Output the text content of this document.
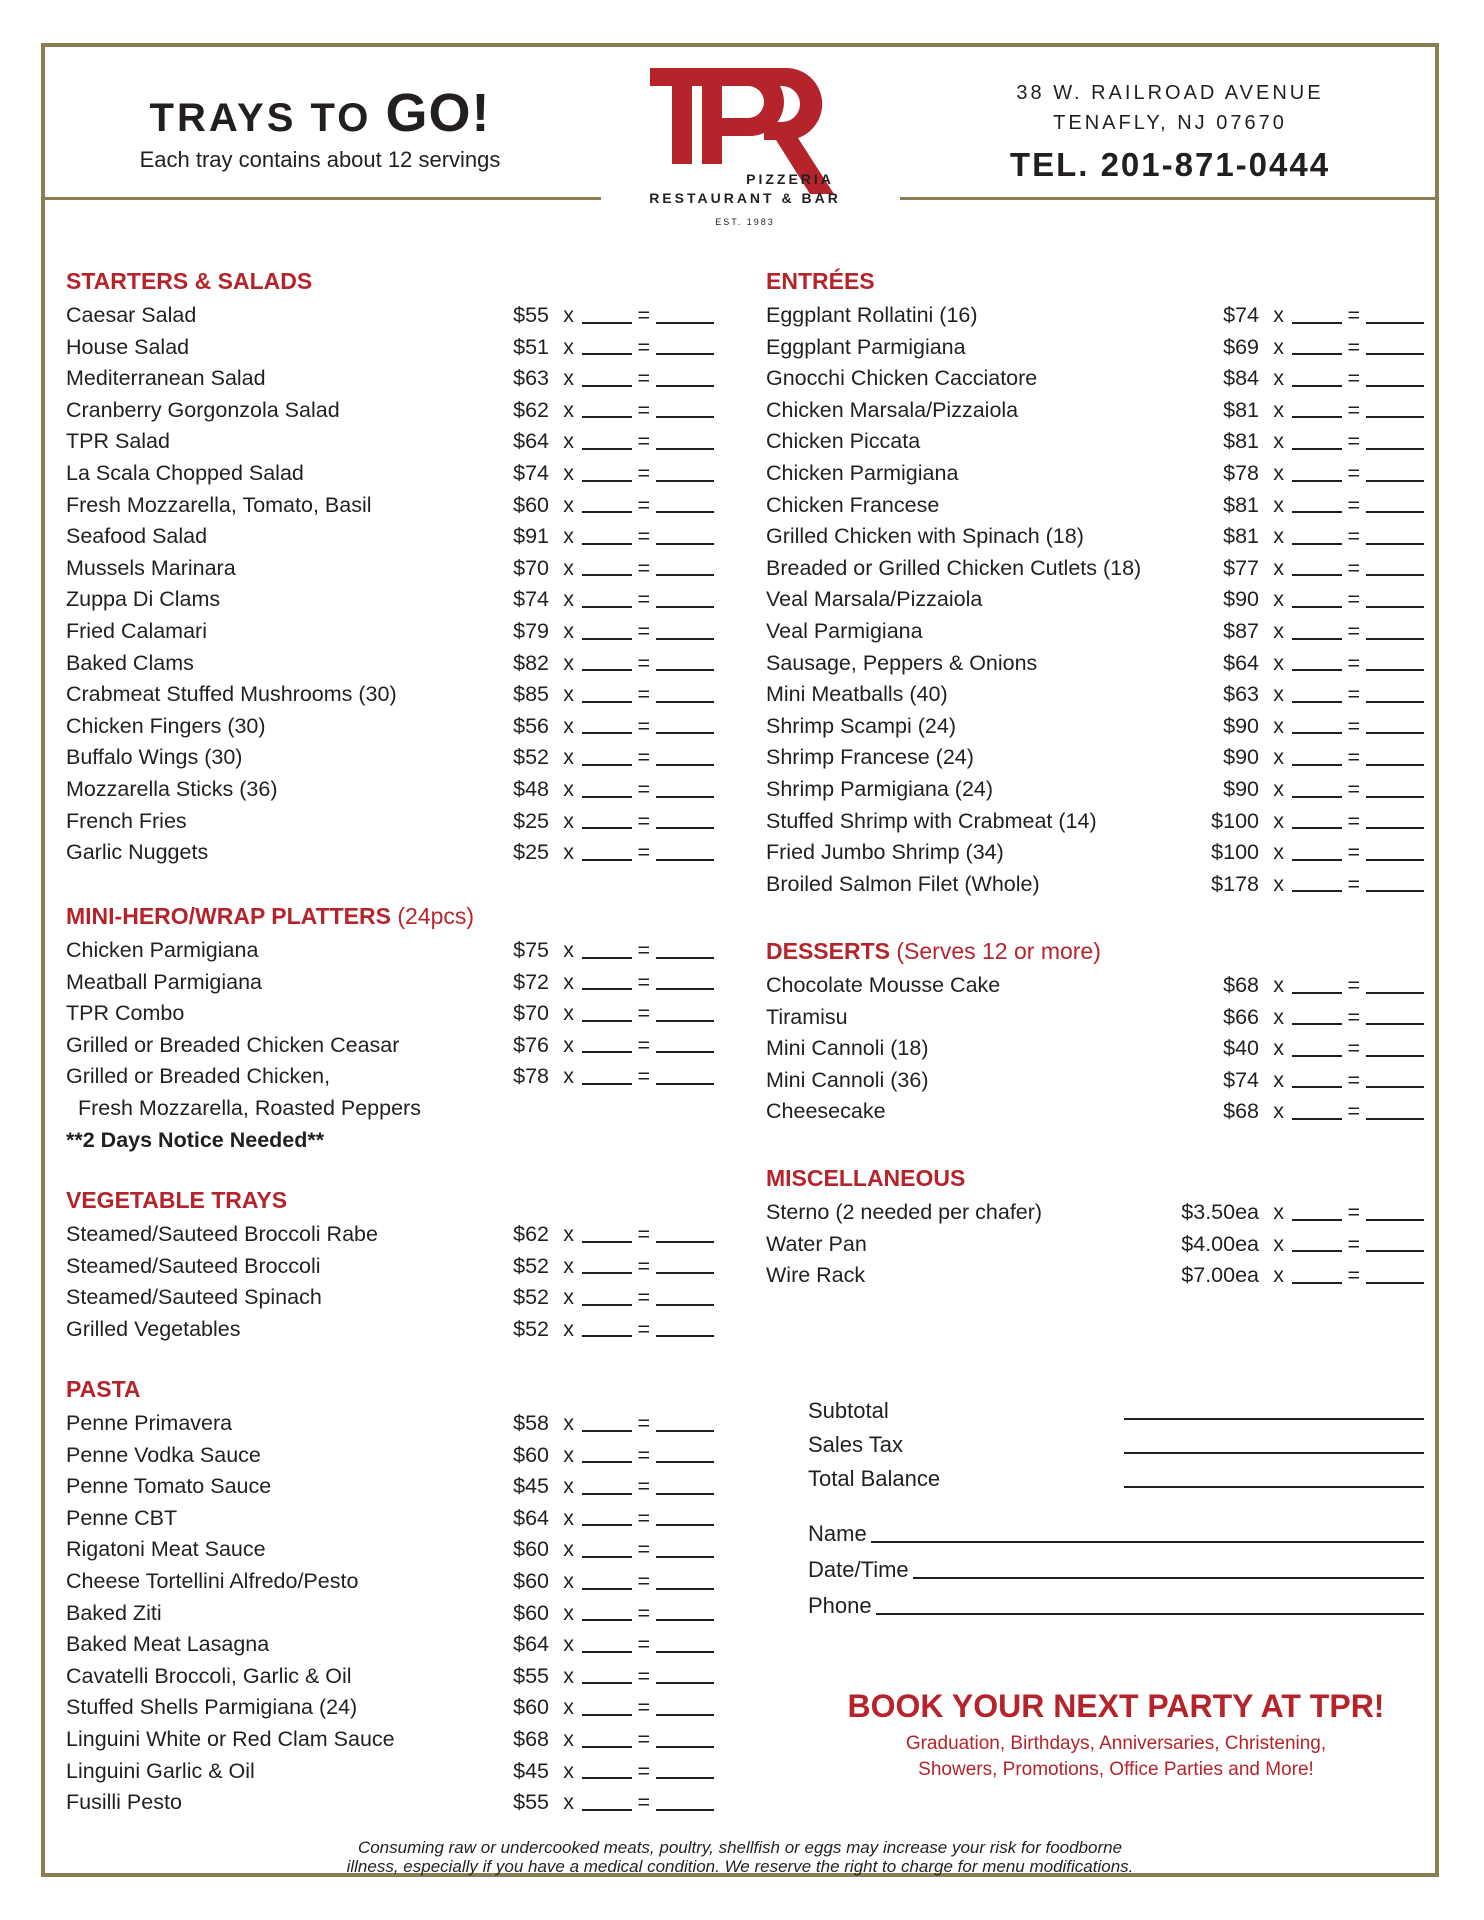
TRAYS TO GO!
Each tray contains about 12 servings
PIZZERIA
RESTAURANT & BAR
EST. 1983
38 W. RAILROAD AVENUE
TENAFLY, NJ 07670
TEL. 201-871-0444
STARTERS & SALADS
Caesar Salad	$55 x	=
House Salad	$51 x	=
Mediterranean Salad	$63 x	=
Cranberry Gorgonzola Salad	$62 x	=
TPR Salad	$64 x	=
La Scala Chopped Salad	$74 x	=
Fresh Mozzarella, Tomato, Basil	$60 x	=
Seafood Salad	$91 x	=
Mussels Marinara	$70 x	=
Zuppa Di Clams	$74 x	=
Fried Calamari	$79 x	=
Baked Clams	$82 x	=
Crabmeat Stuffed Mushrooms (30)	$85 x	=
Chicken Fingers (30)	$56 x	=
Buffalo Wings (30)	$52 x	=
Mozzarella Sticks (36)	$48 x	=
French Fries	$25 x	=
Garlic Nuggets	$25 x	=
MINI-HERO/WRAP PLATTERS (24pcs)
Chicken Parmigiana	$75 x	=
Meatball Parmigiana	$72 x	=
TPR Combo	$70 x	=
Grilled or Breaded Chicken Ceasar	$76 x	=
Grilled or Breaded Chicken,	$78 x	=
Fresh Mozzarella, Roasted Peppers
**2 Days Notice Needed**
VEGETABLE TRAYS
Steamed/Sauteed Broccoli Rabe	$62 x	=
Steamed/Sauteed Broccoli	$52 x	=
Steamed/Sauteed Spinach	$52 x	=
Grilled Vegetables	$52 x	=
PASTA
Penne Primavera	$58 x	=
Penne Vodka Sauce	$60 x	=
Penne Tomato Sauce	$45 x	=
Penne CBT	$64 x	=
Rigatoni Meat Sauce	$60 x	=
Cheese Tortellini Alfredo/Pesto	$60 x	=
Baked Ziti	$60 x	=
Baked Meat Lasagna	$64 x	=
Cavatelli Broccoli, Garlic & Oil	$55 x	=
Stuffed Shells Parmigiana (24)	$60 x	=
Linguini White or Red Clam Sauce	$68 x	=
Linguini Garlic & Oil	$45 x	=
Fusilli Pesto	$55 x	=
ENTRÉES
Eggplant Rollatini (16)	$74 x	=
Eggplant Parmigiana	$69 x	=
Gnocchi Chicken Cacciatore	$84 x	=
Chicken Marsala/Pizzaiola	$81 x	=
Chicken Piccata	$81 x	=
Chicken Parmigiana	$78 x	=
Chicken Francese	$81 x	=
Grilled Chicken with Spinach (18)	$81 x	=
Breaded or Grilled Chicken Cutlets (18)	$77 x	=
Veal Marsala/Pizzaiola	$90 x	=
Veal Parmigiana	$87 x	=
Sausage, Peppers & Onions	$64 x	=
Mini Meatballs (40)	$63 x	=
Shrimp Scampi (24)	$90 x	=
Shrimp Francese (24)	$90 x	=
Shrimp Parmigiana (24)	$90 x	=
Stuffed Shrimp with Crabmeat (14)	$100 x	=
Fried Jumbo Shrimp (34)	$100 x	=
Broiled Salmon Filet (Whole)	$178 x	=
DESSERTS (Serves 12 or more)
Chocolate Mousse Cake	$68 x	=
Tiramisu	$66 x	=
Mini Cannoli (18)	$40 x	=
Mini Cannoli (36)	$74 x	=
Cheesecake	$68 x	=
MISCELLANEOUS
Sterno (2 needed per chafer)	$3.50ea x	=
Water Pan	$4.00ea x	=
Wire Rack	$7.00ea x	=
Subtotal
Sales Tax
Total Balance
Name
Date/Time
Phone
BOOK YOUR NEXT PARTY AT TPR!
Graduation, Birthdays, Anniversaries, Christening,
Showers, Promotions, Office Parties and More!
Consuming raw or undercooked meats, poultry, shellfish or eggs may increase your risk for foodborne
illness, especially if you have a medical condition. We reserve the right to charge for menu modifications.
